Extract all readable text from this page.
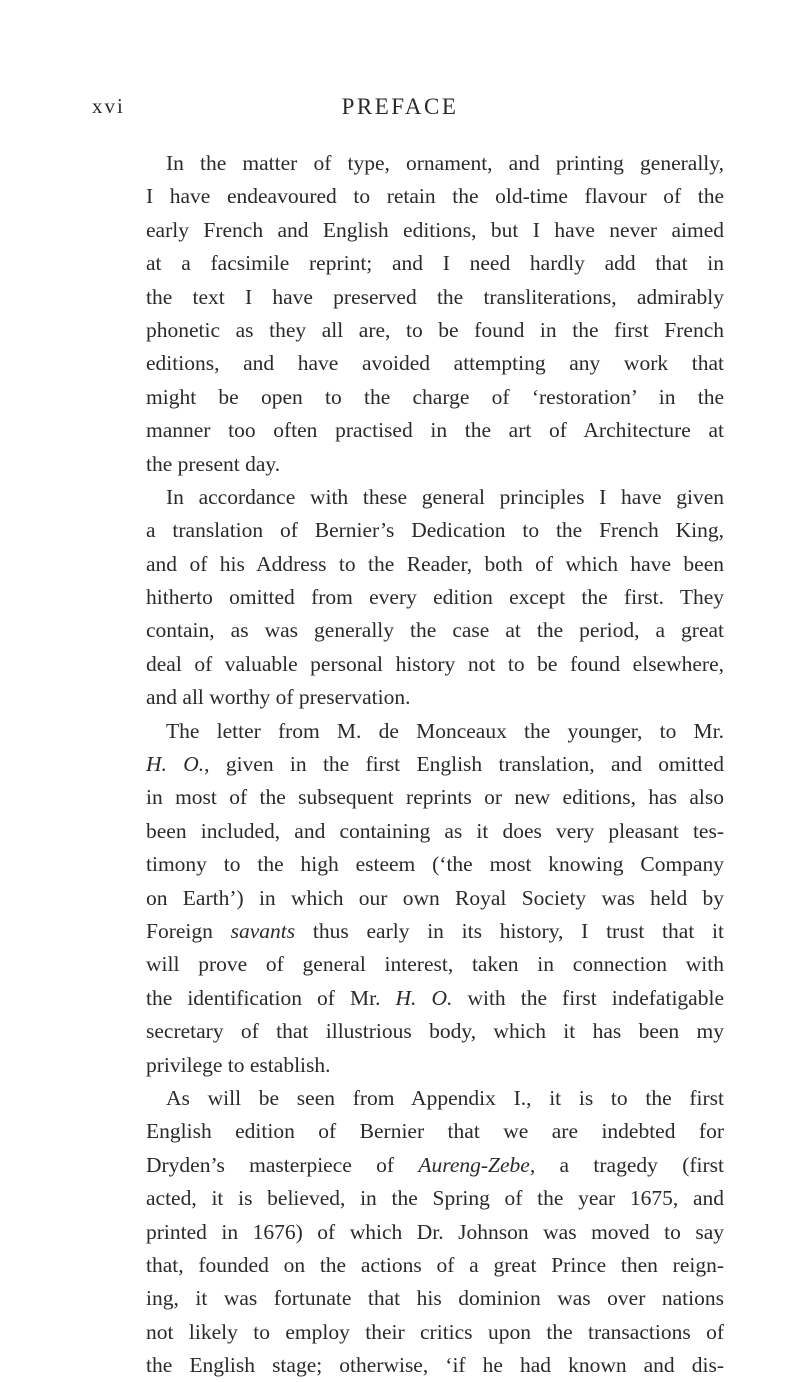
xvi	PREFACE
In the matter of type, ornament, and printing generally,
I have endeavoured to retain the old-time flavour of the
early French and English editions, but I have never aimed
at a facsimile reprint; and I need hardly add that in
the text I have preserved the transliterations, admirably
phonetic as they all are, to be found in the first French
editions, and have avoided attempting any work that
might be open to the charge of ‘restoration’ in the
manner too often practised in the art of Architecture at
the present day.
In accordance with these general principles I have given
a translation of Bernier’s Dedication to the French King,
and of his Address to the Reader, both of which have been
hitherto omitted from every edition except the first. They
contain, as was generally the case at the period, a great
deal of valuable personal history not to be found elsewhere,
and all worthy of preservation.
The letter from M. de Monceaux the younger, to Mr.
H. O., given in the first English translation, and omitted
in most of the subsequent reprints or new editions, has also
been included, and containing as it does very pleasant tes-
timony to the high esteem (‘the most knowing Company
on Earth’) in which our own Royal Society was held by
Foreign savants thus early in its history, I trust that it
will prove of general interest, taken in connection with
the identification of Mr. H. O. with the first indefatigable
secretary of that illustrious body, which it has been my
privilege to establish.
As will be seen from Appendix I., it is to the first
English edition of Bernier that we are indebted for
Dryden’s masterpiece of Aureng-Zebe, a tragedy (first
acted, it is believed, in the Spring of the year 1675, and
printed in 1676) of which Dr. Johnson was moved to say
that, founded on the actions of a great Prince then reign-
ing, it was fortunate that his dominion was over nations
not likely to employ their critics upon the transactions of
the English stage; otherwise, ‘if he had known and dis-
